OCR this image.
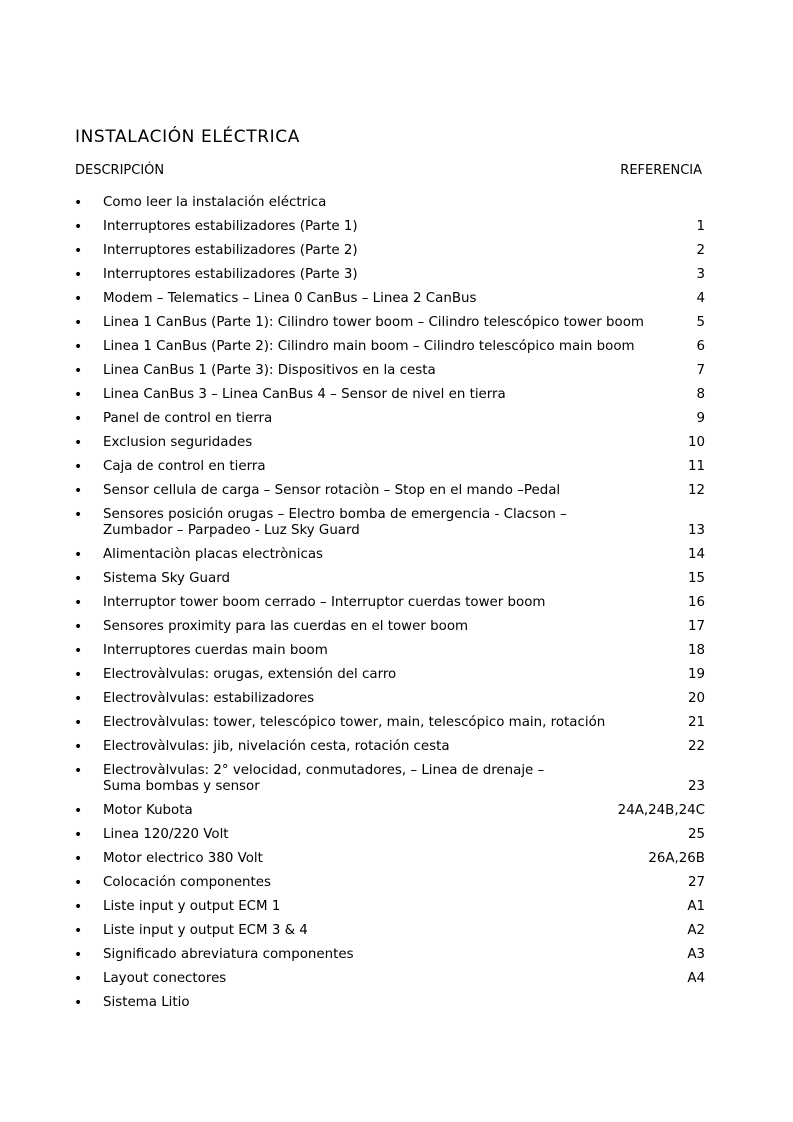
INSTALACIÓN ELÉCTRICA
DESCRIPCIÓN	REFERENCIA
• Como leer la instalación eléctrica
• Interruptores estabilizadores (Parte 1)	1
• Interruptores estabilizadores (Parte 2)	2
• Interruptores estabilizadores (Parte 3)	3
• Modem – Telematics – Linea 0 CanBus – Linea 2 CanBus	4
• Linea 1 CanBus (Parte 1): Cilindro tower boom – Cilindro telescópico tower boom	5
• Linea 1 CanBus (Parte 2): Cilindro main boom – Cilindro telescópico main boom	6
• Linea CanBus 1 (Parte 3): Dispositivos en la cesta	7
• Linea CanBus 3 – Linea CanBus 4 – Sensor de nivel en tierra	8
• Panel de control en tierra	9
• Exclusion seguridades	10
• Caja de control en tierra	11
• Sensor cellula de carga – Sensor rotaciòn – Stop en el mando –Pedal	12
• Sensores posición orugas – Electro bomba de emergencia - Clacson –
Zumbador – Parpadeo - Luz Sky Guard	13
• Alimentaciòn placas electrònicas	14
• Sistema Sky Guard	15
• Interruptor tower boom cerrado – Interruptor cuerdas tower boom	16
• Sensores proximity para las cuerdas en el tower boom	17
• Interruptores cuerdas main boom	18
• Electrovàlvulas: orugas, extensión del carro	19
• Electrovàlvulas: estabilizadores	20
• Electrovàlvulas: tower, telescópico tower, main, telescópico main, rotación	21
• Electrovàlvulas: jib, nivelación cesta, rotación cesta	22
• Electrovàlvulas: 2° velocidad, conmutadores, – Linea de drenaje –
Suma bombas y sensor	23
• Motor Kubota	24A,24B,24C
• Linea 120/220 Volt	25
• Motor electrico 380 Volt	26A,26B
• Colocación componentes	27
• Liste input y output ECM 1	A1
• Liste input y output ECM 3 & 4	A2
• Significado abreviatura componentes	A3
• Layout conectores	A4
• Sistema Litio
